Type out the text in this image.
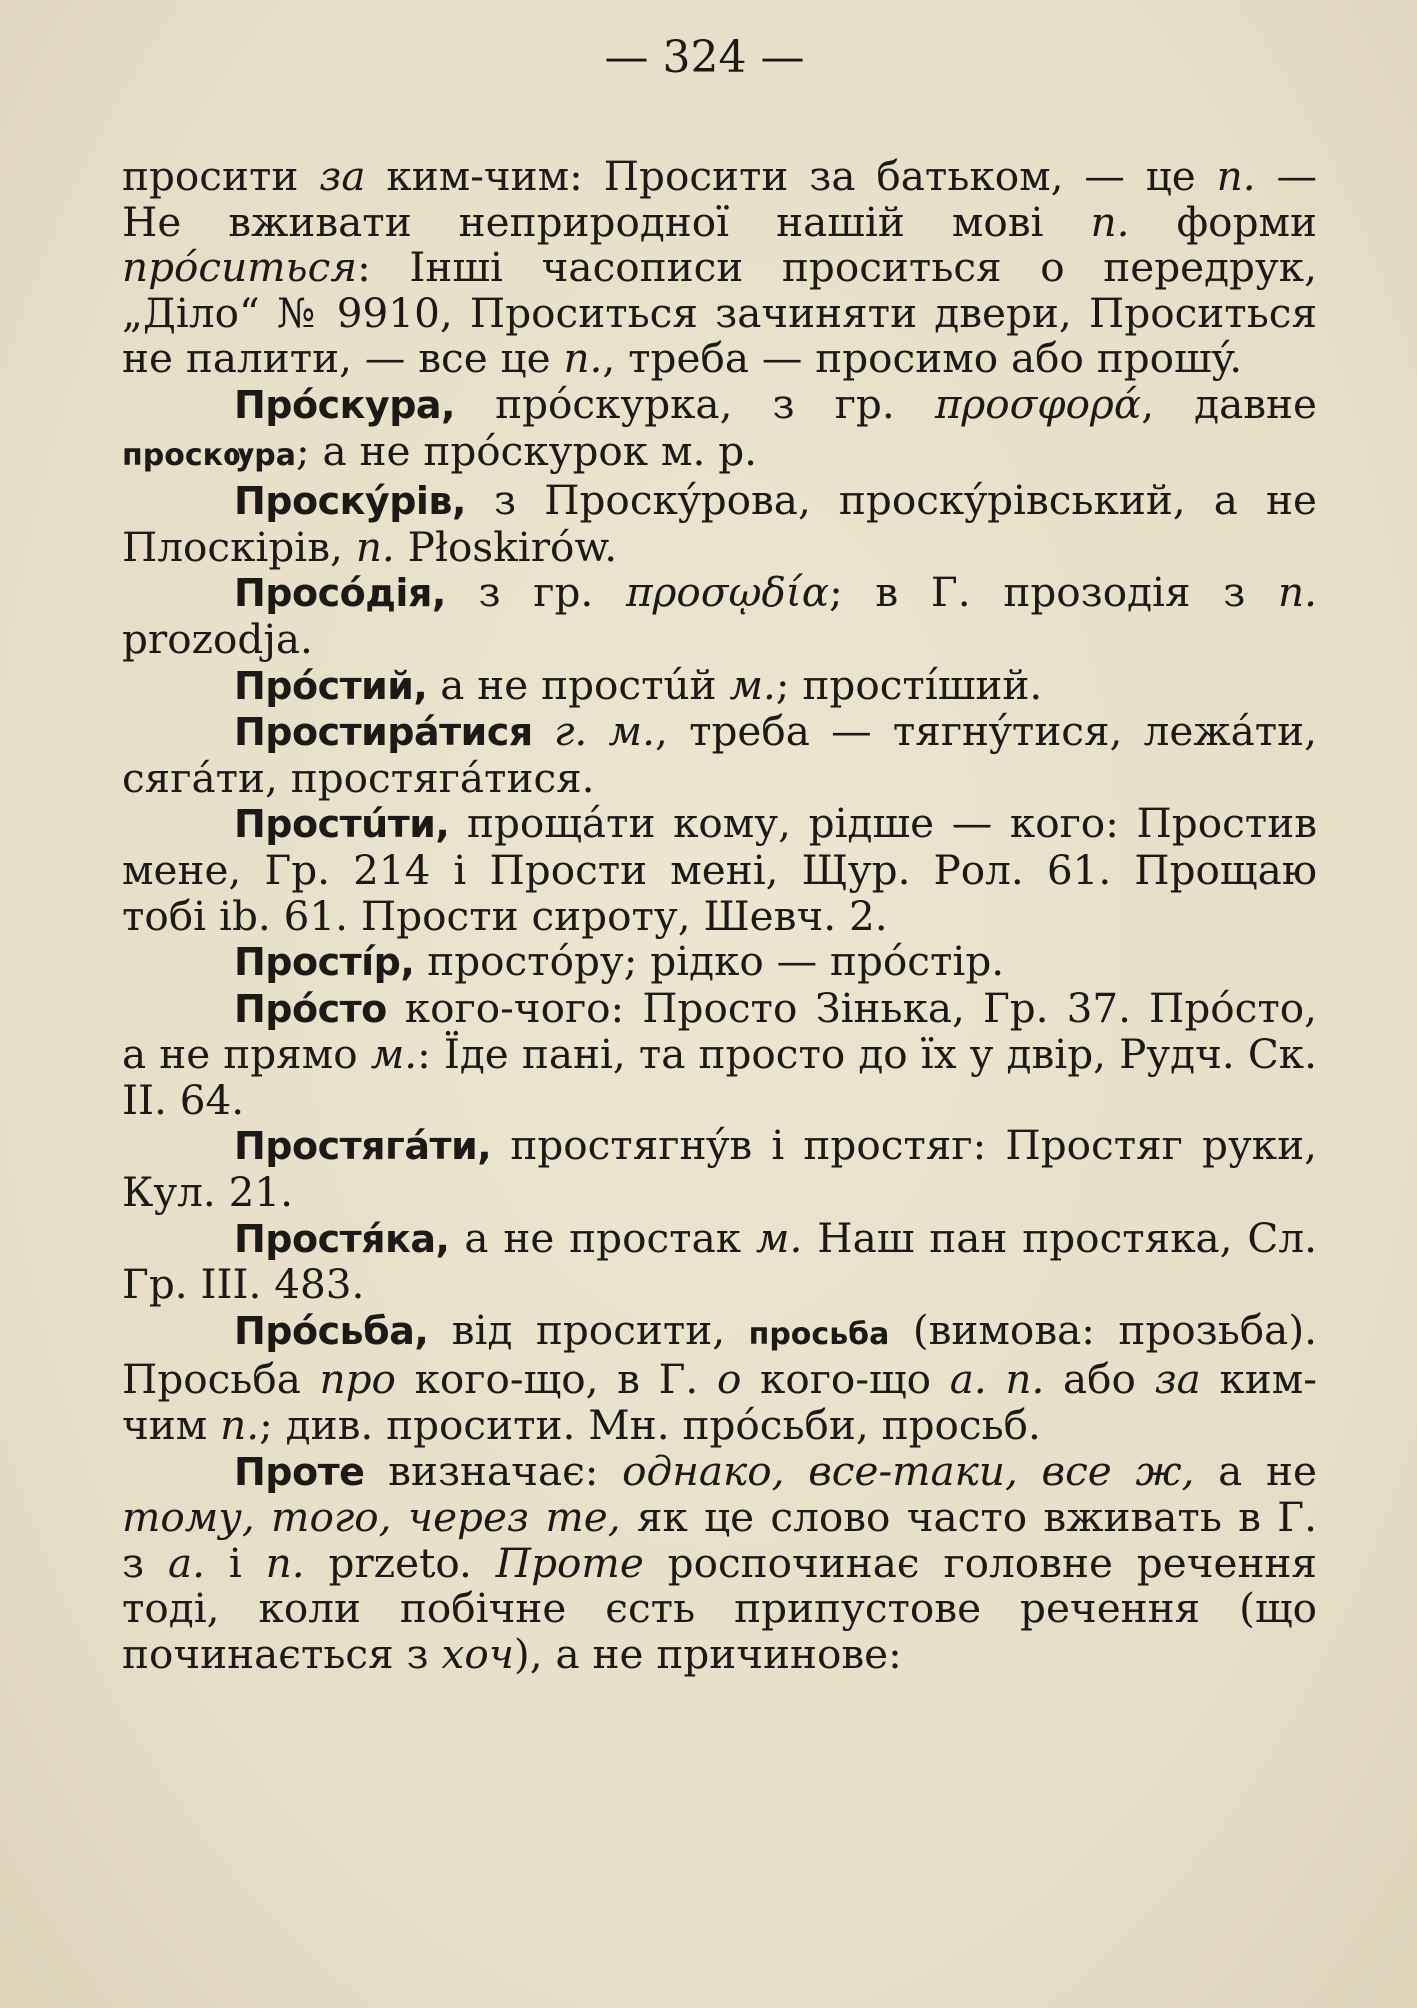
— 324 —

просити за ким-чим: Просити за батьком, — це п. — Не вживати неприродної нашій мові п. форми прóситься: Інші часописи проситься о передрук, „Діло“ № 9910, Проситься зачиняти двери, Проситься не палити, — все це п., треба — просимо або прошý.

Прóскура, прóскурка, з гр. προσφορά, давне проскѹра; а не прóскурок м. р.

Проскýрів, з Проскýрова, проскýрівський, а не Плоскірів, п. Płoskirów.

Просóдія, з гр. προσῳδία; в Г. прозодія з п. prozodja.

Прóстий, а не простúй м.; простíший.

Простирáтися г. м., треба — тягнýтися, лежáти, сягáти, простягáтися.

Простúти, прощáти кому, рідше — кого: Простив мене, Гр. 214 і Прости мені, Щур. Рол. 61. Прощаю тобі ib. 61. Прости сироту, Шевч. 2.

Простíр, простóру; рідко — прóстір.

Прóсто кого-чого: Просто Зінька, Гр. 37. Прóсто, а не прямо м.: Їде пані, та просто до їх у двір, Рудч. Ск. II. 64.

Простягáти, простягнýв і простяг: Простяг руки, Кул. 21.

Простя́ка, а не простак м. Наш пан простяка, Сл. Гр. III. 483.

Прóсьба, від просити, просьба (вимова: прозьба). Просьба про кого-що, в Г. о кого-що а. п. або за ким-чим п.; див. просити. Мн. прóсьби, просьб.

Проте визначає: однако, все-таки, все ж, а не тому, того, через те, як це слово часто вживать в Г. з а. і п. przeto. Проте роспочинає головне речення тоді, коли побічне єсть припустове речення (що починається з хоч), а не причинове:
